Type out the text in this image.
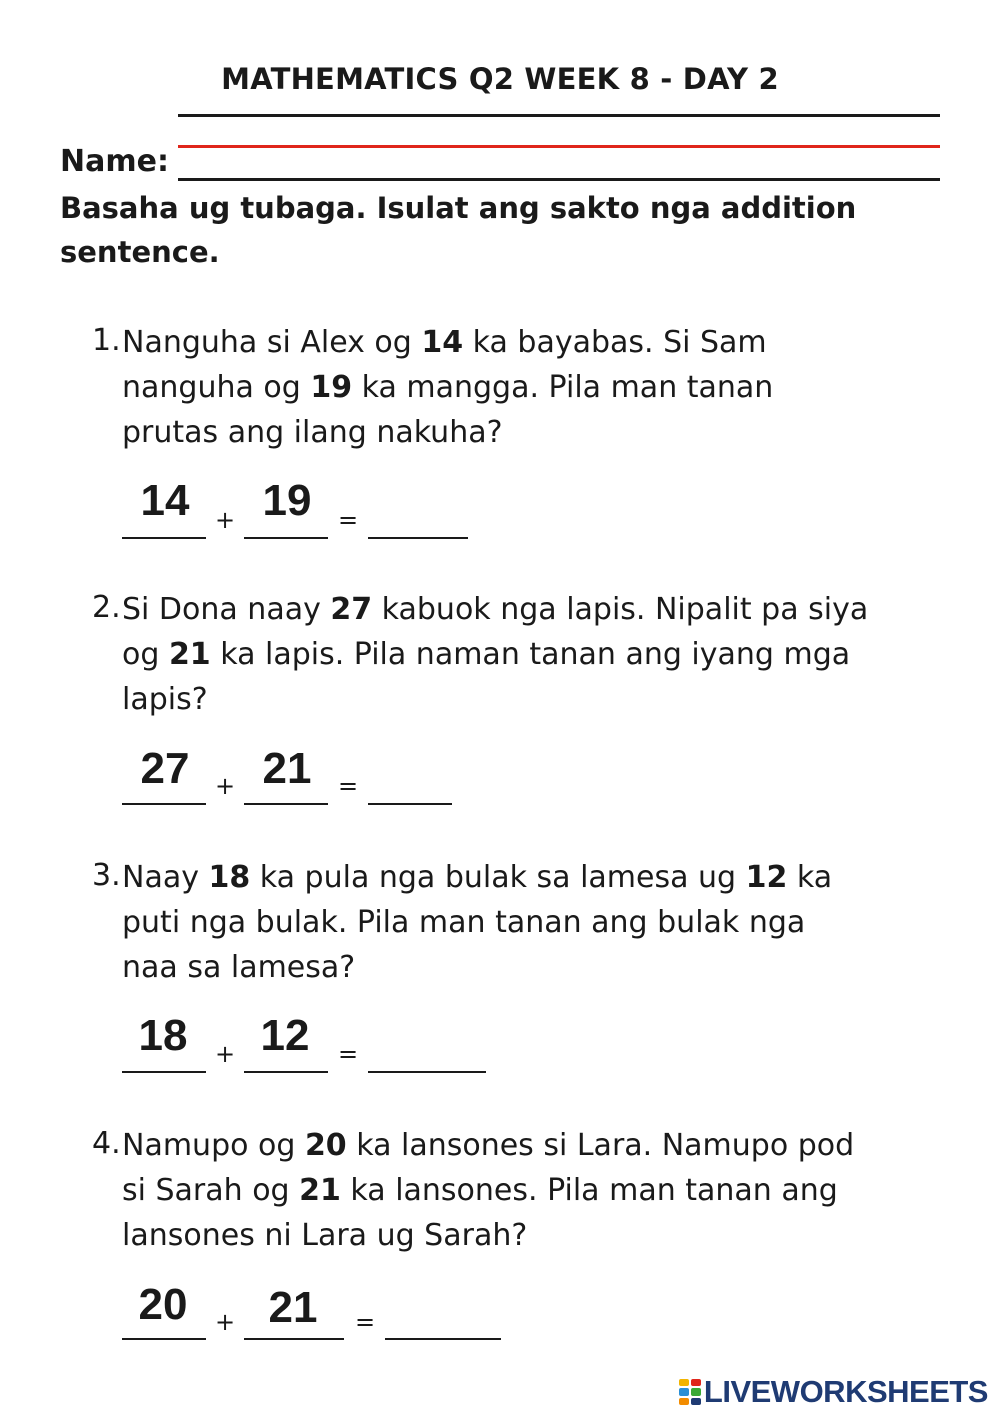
MATHEMATICS Q2 WEEK 8 - DAY 2
Name:
Basaha ug tubaga. Isulat ang sakto nga addition sentence.
1. Nanguha si Alex og 14 ka bayabas. Si Sam
nanguha og 19 ka mangga. Pila man tanan
prutas ang ilang nakuha?
14	+ 19	=
2. Si Dona naay 27 kabuok nga lapis. Nipalit pa siya
og 21 ka lapis. Pila naman tanan ang iyang mga
lapis?
27	+ 21	=
3. Naay 18 ka pula nga bulak sa lamesa ug 12 ka
puti nga bulak. Pila man tanan ang bulak nga
naa sa lamesa?
18	+ 12	=
4. Namupo og 20 ka lansones si Lara. Namupo pod
si Sarah og 21 ka lansones. Pila man tanan ang
lansones ni Lara ug Sarah?
20	+ 21	=
LIVEWORKSHEETS
